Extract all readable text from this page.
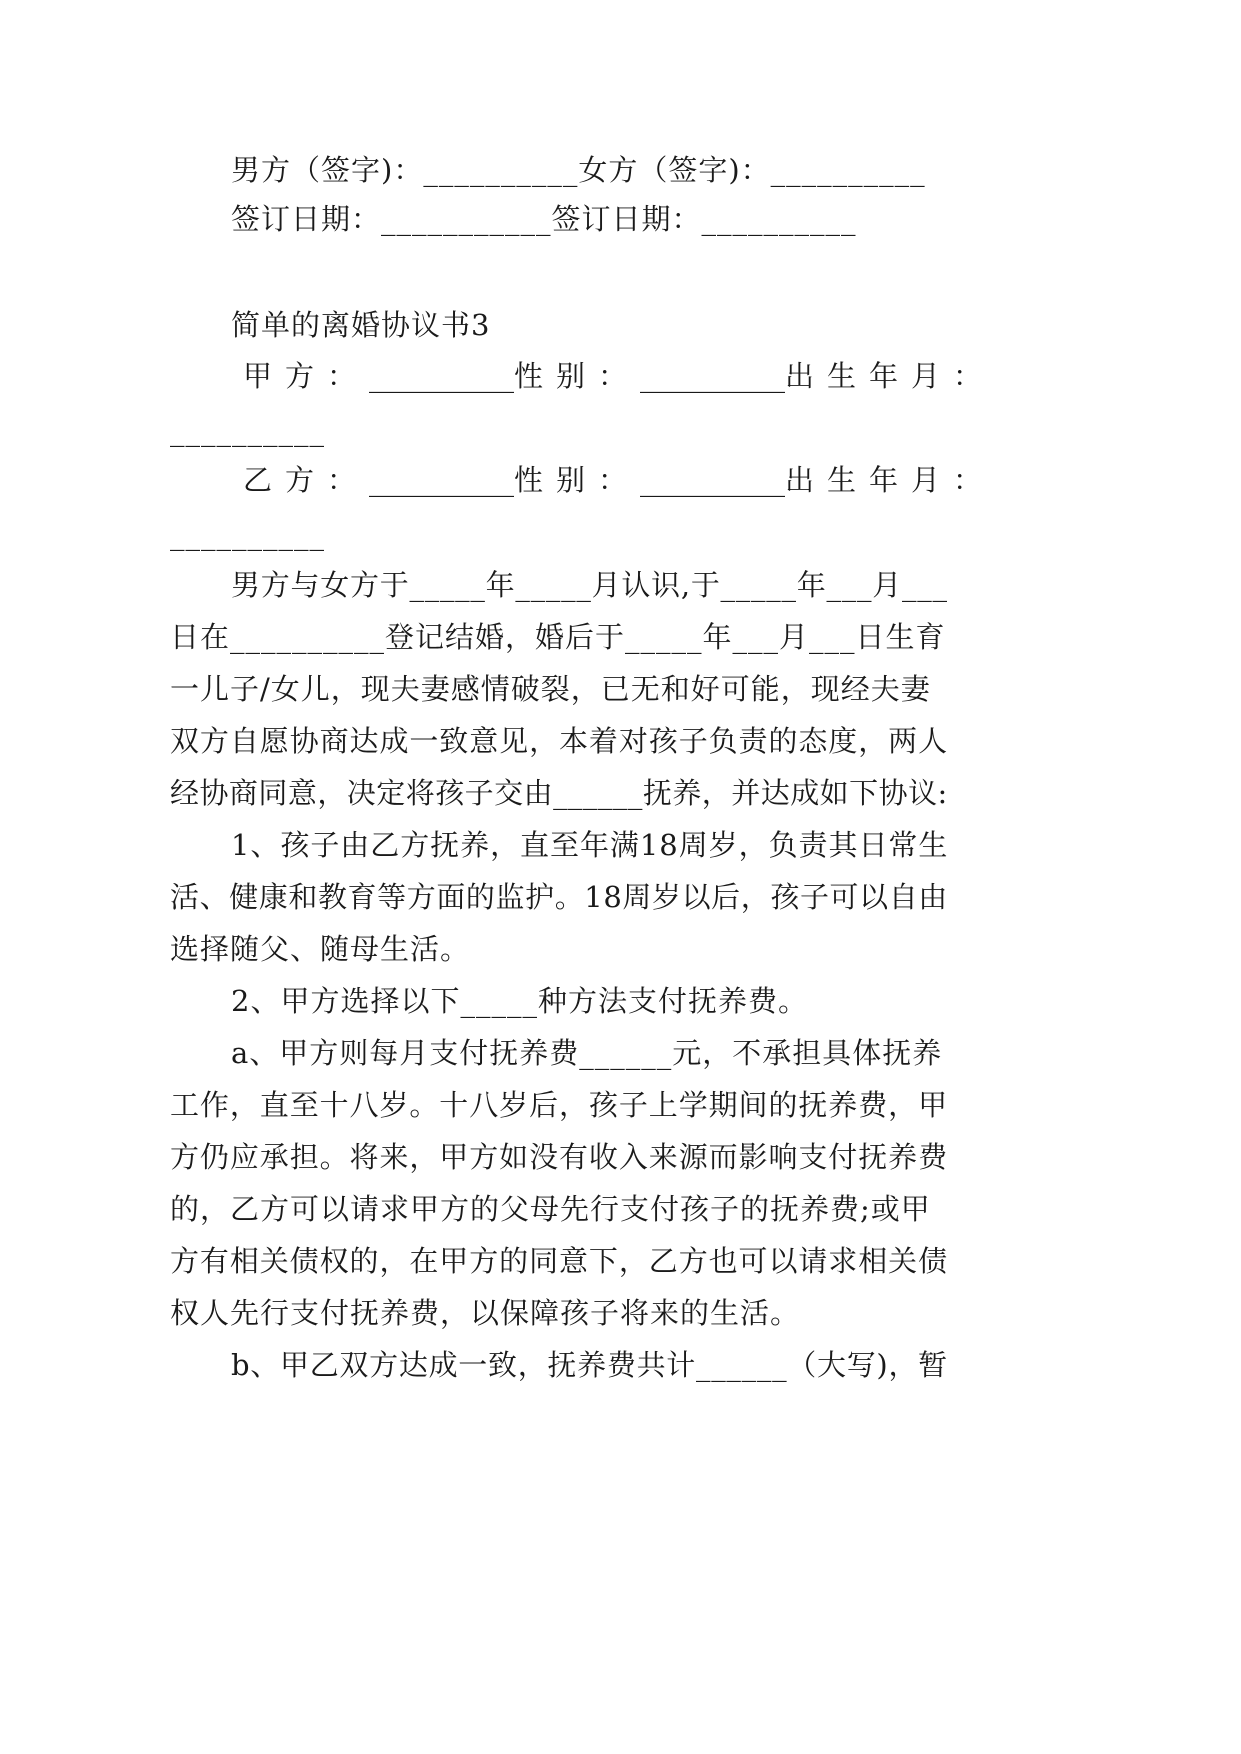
男方（签字)：__________女方（签字)：__________
签订日期：___________签订日期：__________
简单的离婚协议书3
甲方： __________ 性别： __________ 出生年月：
__________
乙方： __________ 性别： __________ 出生年月：
__________
男方与女方于_____年_____月认识,于_____年___月___
日在__________登记结婚，婚后于_____年___月___日生育
一儿子/女儿，现夫妻感情破裂，已无和好可能，现经夫妻
双方自愿协商达成一致意见，本着对孩子负责的态度，两人
经协商同意，决定将孩子交由______抚养，并达成如下协议:
1、孩子由乙方抚养，直至年满18周岁，负责其日常生
活、健康和教育等方面的监护。18周岁以后，孩子可以自由
选择随父、随母生活。
2、甲方选择以下_____种方法支付抚养费。
a、甲方则每月支付抚养费______元，不承担具体抚养
工作，直至十八岁。十八岁后，孩子上学期间的抚养费，甲
方仍应承担。将来，甲方如没有收入来源而影响支付抚养费
的，乙方可以请求甲方的父母先行支付孩子的抚养费;或甲
方有相关债权的，在甲方的同意下，乙方也可以请求相关债
权人先行支付抚养费，以保障孩子将来的生活。
b、甲乙双方达成一致，抚养费共计______（大写)，暂
